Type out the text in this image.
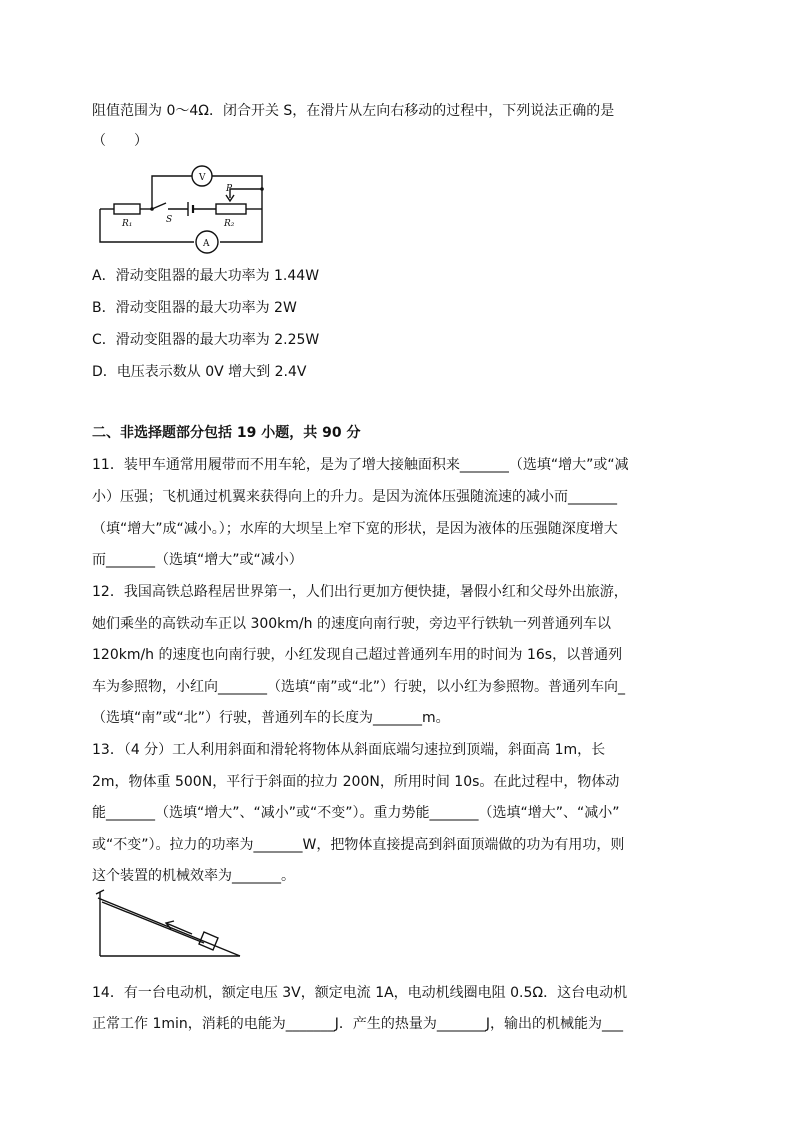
阻值范围为 0～4Ω．闭合开关 S，在滑片从左向右移动的过程中，下列说法正确的是
（　　）
V
A
R₁	R₂
S
P
A．滑动变阻器的最大功率为 1.44W
B．滑动变阻器的最大功率为 2W
C．滑动变阻器的最大功率为 2.25W
D．电压表示数从 0V 增大到 2.4V
二、非选择题部分包括 19 小题，共 90 分
11．装甲车通常用履带而不用车轮，是为了增大接触面积来_______（选填“增大”或“减
小）压强；飞机通过机翼来获得向上的升力。是因为流体压强随流速的减小而_______
（填“增大”成“减小。）；水库的大坝呈上窄下宽的形状，是因为液体的压强随深度增大
而_______（选填“增大”或“减小）
12．我国高铁总路程居世界第一，人们出行更加方便快捷，暑假小红和父母外出旅游，
她们乘坐的高铁动车正以 300km/h 的速度向南行驶，旁边平行铁轨一列普通列车以
120km/h 的速度也向南行驶，小红发现自己超过普通列车用的时间为 16s，以普通列
车为参照物，小红向_______（选填“南”或“北”）行驶，以小红为参照物。普通列车向_
（选填“南”或“北”）行驶，普通列车的长度为_______m。
13．（4 分）工人利用斜面和滑轮将物体从斜面底端匀速拉到顶端，斜面高 1m，长
2m，物体重 500N，平行于斜面的拉力 200N，所用时间 10s。在此过程中，物体动
能_______（选填“增大”、“减小”或“不变”）。重力势能_______（选填“增大”、“减小”
或“不变”）。拉力的功率为_______W，把物体直接提高到斜面顶端做的功为有用功，则
这个装置的机械效率为_______。
14．有一台电动机，额定电压 3V，额定电流 1A，电动机线圈电阻 0.5Ω．这台电动机
正常工作 1min，消耗的电能为_______J．产生的热量为_______J，输出的机械能为___
